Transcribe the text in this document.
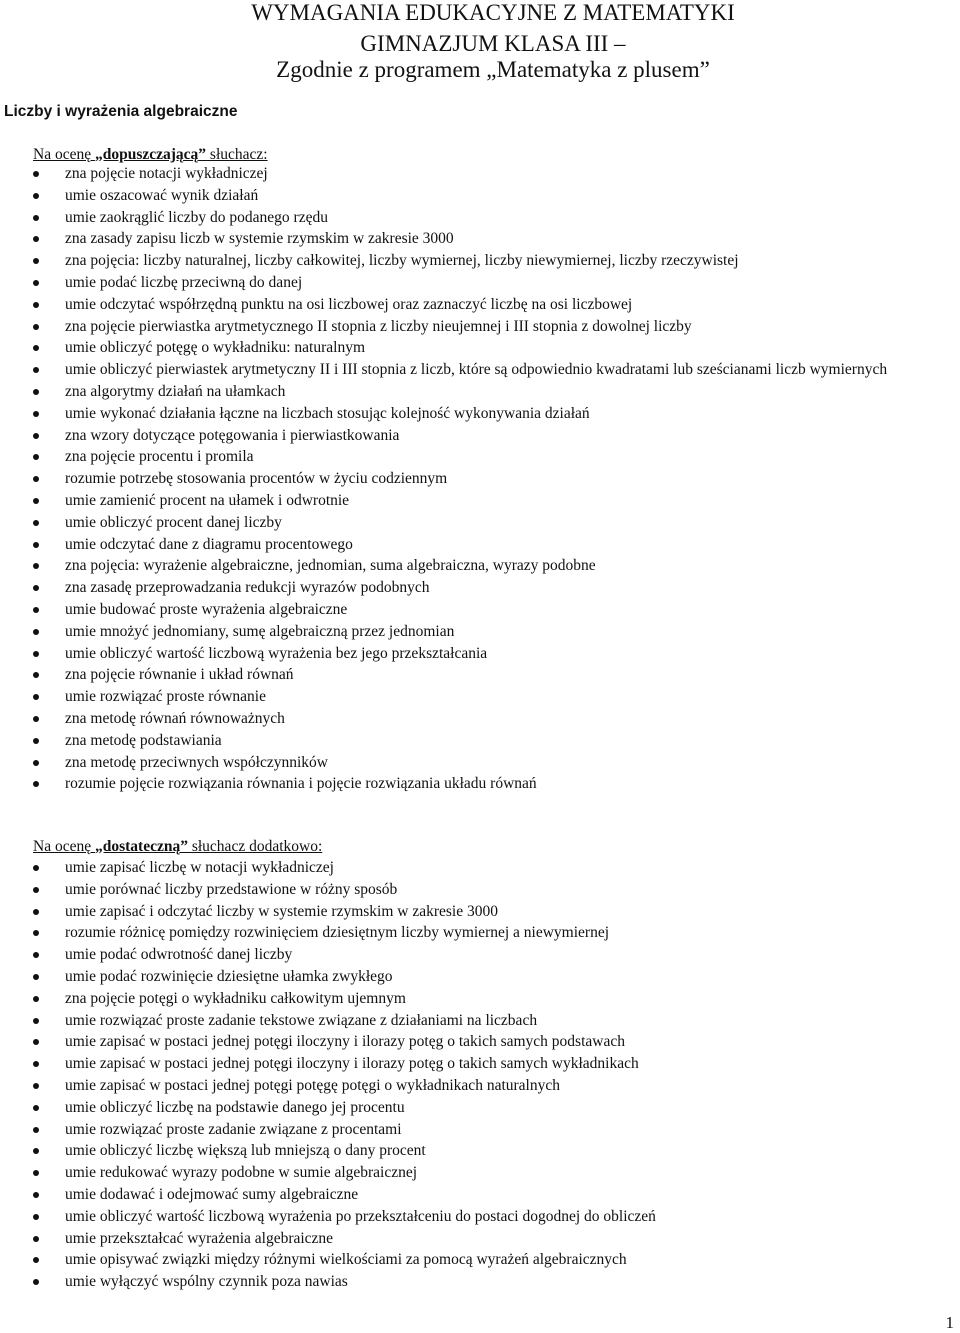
WYMAGANIA EDUKACYJNE Z MATEMATYKI
GIMNAZJUM KLASA III –
Zgodnie z programem „Matematyka z plusem”
Liczby i wyrażenia algebraiczne
Na ocenę „dopuszczającą” słuchacz:
zna pojęcie notacji wykładniczej
umie oszacować wynik działań
umie zaokrąglić liczby do podanego rzędu
zna zasady zapisu liczb w systemie rzymskim w zakresie 3000
zna pojęcia: liczby naturalnej, liczby całkowitej, liczby wymiernej, liczby niewymiernej, liczby rzeczywistej
umie podać liczbę przeciwną do danej
umie odczytać współrzędną punktu na osi liczbowej oraz zaznaczyć liczbę na osi liczbowej
zna pojęcie pierwiastka arytmetycznego II stopnia z liczby nieujemnej i III stopnia z dowolnej liczby
umie obliczyć potęgę o wykładniku: naturalnym
umie obliczyć pierwiastek arytmetyczny II i III stopnia z liczb, które są odpowiednio kwadratami lub sześcianami liczb wymiernych
zna algorytmy działań na ułamkach
umie wykonać działania łączne na liczbach stosując kolejność wykonywania działań
zna wzory dotyczące potęgowania i pierwiastkowania
zna pojęcie procentu i promila
rozumie potrzebę stosowania procentów w życiu codziennym
umie zamienić procent na ułamek i odwrotnie
umie obliczyć procent danej liczby
umie odczytać dane z diagramu procentowego
zna pojęcia: wyrażenie algebraiczne, jednomian, suma algebraiczna, wyrazy podobne
zna zasadę przeprowadzania redukcji wyrazów podobnych
umie budować proste wyrażenia algebraiczne
umie mnożyć jednomiany, sumę algebraiczną przez jednomian
umie obliczyć wartość liczbową wyrażenia bez jego przekształcania
zna pojęcie równanie i układ równań
umie rozwiązać proste równanie
zna metodę równań równoważnych
zna metodę podstawiania
zna metodę przeciwnych współczynników
rozumie pojęcie rozwiązania równania i pojęcie rozwiązania układu równań
Na ocenę „dostateczną” słuchacz dodatkowo:
umie zapisać liczbę w notacji wykładniczej
umie porównać liczby przedstawione w różny sposób
umie zapisać i odczytać liczby w systemie rzymskim w zakresie 3000
rozumie różnicę pomiędzy rozwinięciem dziesiętnym liczby wymiernej a niewymiernej
umie podać odwrotność danej liczby
umie podać rozwinięcie dziesiętne ułamka zwykłego
zna pojęcie potęgi o wykładniku całkowitym ujemnym
umie rozwiązać proste zadanie tekstowe związane z działaniami na liczbach
umie zapisać w postaci jednej potęgi iloczyny i ilorazy potęg o takich samych podstawach
umie zapisać w postaci jednej potęgi iloczyny i ilorazy potęg o takich samych wykładnikach
umie zapisać w postaci jednej potęgi potęgę potęgi o wykładnikach naturalnych
umie obliczyć liczbę na podstawie danego jej procentu
umie rozwiązać proste zadanie związane z procentami
umie obliczyć liczbę większą lub mniejszą o dany procent
umie redukować wyrazy podobne w sumie algebraicznej
umie dodawać i odejmować sumy algebraiczne
umie obliczyć wartość liczbową wyrażenia po przekształceniu do postaci dogodnej do obliczeń
umie przekształcać wyrażenia algebraiczne
umie opisywać związki między różnymi wielkościami za pomocą wyrażeń algebraicznych
umie wyłączyć wspólny czynnik poza nawias
1
